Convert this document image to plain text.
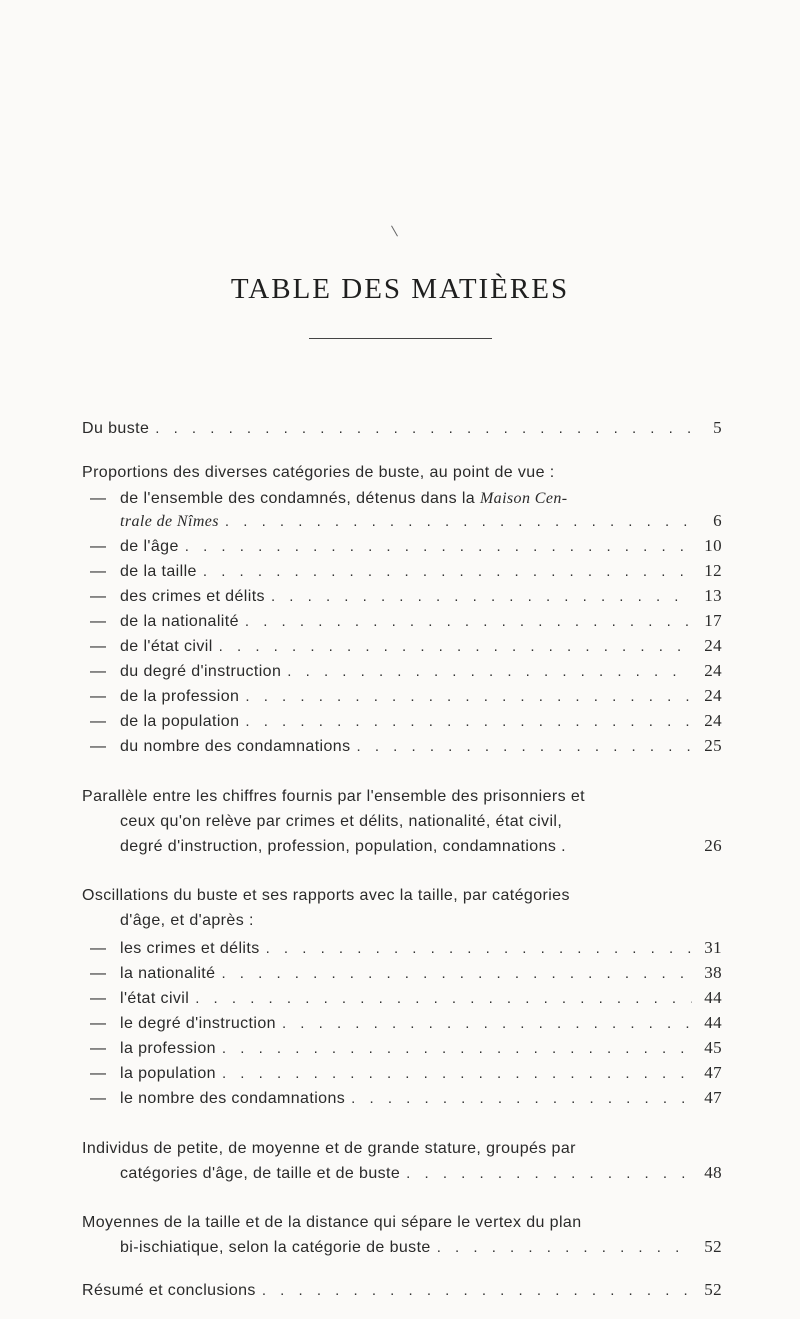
TABLE DES MATIÈRES
Du buste . . .	5
Proportions des diverses catégories de buste, au point de vue :
— de l'ensemble des condamnés, détenus dans la Maison Cen-
trale de Nîmes . . .	6
— de l'âge . . .	10
— de la taille . . .	12
— des crimes et délits . . .	13
— de la nationalité . . .	17
— de l'état civil . . .	24
— du degré d'instruction . . .	24
— de la profession . . .	24
— de la population . . .	24
— du nombre des condamnations . . .	25
Parallèle entre les chiffres fournis par l'ensemble des prisonniers et
ceux qu'on relève par crimes et délits, nationalité, état civil,
degré d'instruction, profession, population, condamnations .	26
Oscillations du buste et ses rapports avec la taille, par catégories
d'âge, et d'après :
— les crimes et délits . . .	31
— la nationalité . . .	38
— l'état civil . . .	44
— le degré d'instruction . . .	44
— la profession . . .	45
— la population . . .	47
— le nombre des condamnations . . .	47
Individus de petite, de moyenne et de grande stature, groupés par
catégories d'âge, de taille et de buste . . .	48
Moyennes de la taille et de la distance qui sépare le vertex du plan
bi-ischiatique, selon la catégorie de buste . . .	52
Résumé et conclusions . . .	52
